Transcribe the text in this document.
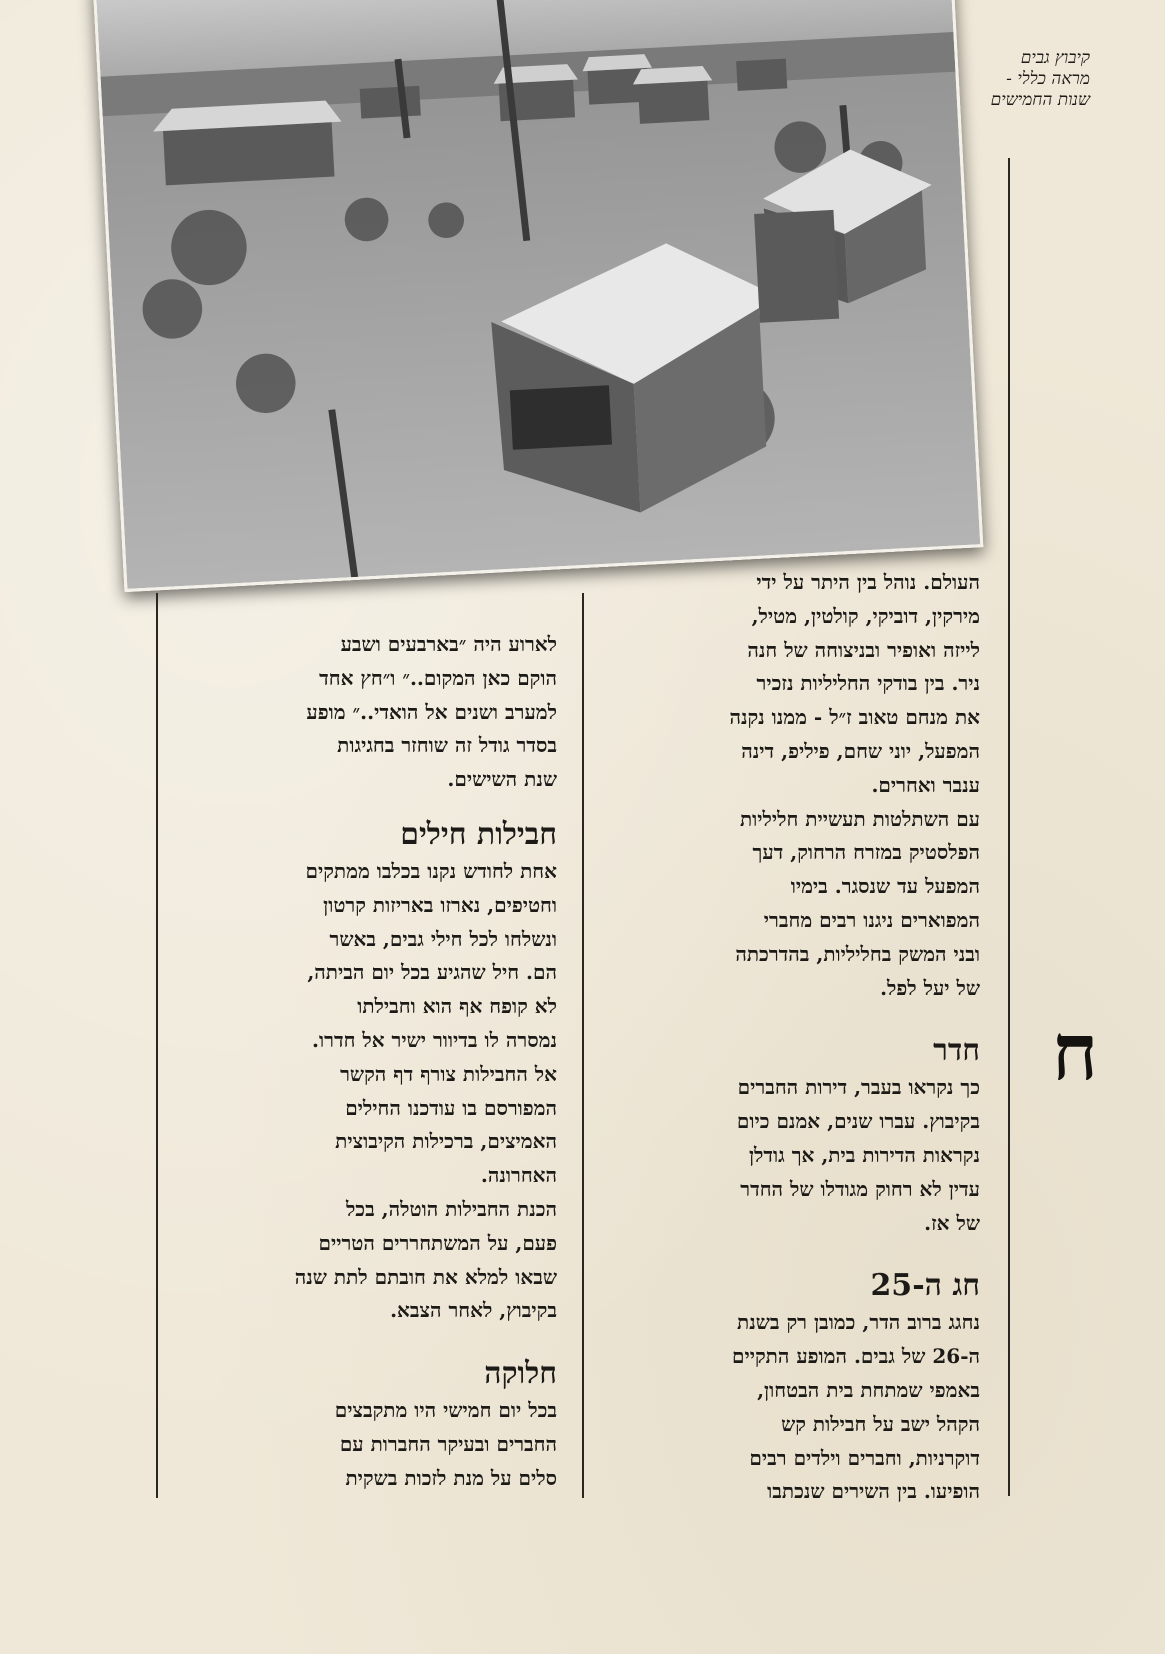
קיבוץ גבים
מראה כללי -
שנות החמישים
ח

העולם. נוהל בין היתר על ידי

מירקין, דוביקי, קולטין, מטיל,

לייזה ואופיר ובניצוחה של חנה

ניר. בין בודקי החליליות נזכיר

את מנחם טאוב ז״ל - ממנו נקנה

המפעל, יוני שחם, פיליפ, דינה

ענבר ואחרים.

עם השתלטות תעשיית חליליות

הפלסטיק במזרח הרחוק, דעך

המפעל עד שנסגר. בימיו

המפוארים ניגנו רבים מחברי

ובני המשק בחליליות, בהדרכתה

של יעל לפל.

חדר

כך נקראו בעבר, דירות החברים

בקיבוץ. עברו שנים, אמנם כיום

נקראות הדירות בית, אך גודלן

עדין לא רחוק מגודלו של החדר

של אז.

חג ה-25

נחגג ברוב הדר, כמובן רק בשנת

ה-26 של גבים. המופע התקיים

באמפי שמתחת בית הבטחון,

הקהל ישב על חבילות קש

דוקרניות, וחברים וילדים רבים

הופיעו. בין השירים שנכתבו

לארוע היה ״בארבעים ושבע

הוקם כאן המקום..״ ו״חץ אחד

למערב ושנים אל הואדי..״ מופע

בסדר גודל זה שוחזר בחגיגות

שנת השישים.

חבילות חילים

אחת לחודש נקנו בכלבו ממתקים

וחטיפים, נארזו באריזות קרטון

ונשלחו לכל חילי גבים, באשר

הם. חיל שהגיע בכל יום הביתה,

לא קופח אף הוא וחבילתו

נמסרה לו בדיוור ישיר אל חדרו.

אל החבילות צורף דף הקשר

המפורסם בו עודכנו החילים

האמיצים, ברכילות הקיבוצית

האחרונה.

הכנת החבילות הוטלה, בכל

פעם, על המשתחררים הטריים

שבאו למלא את חובתם לתת שנה

בקיבוץ, לאחר הצבא.

חלוקה

בכל יום חמישי היו מתקבצים

החברים ובעיקר החברות עם

סלים על מנת לזכות בשקית
